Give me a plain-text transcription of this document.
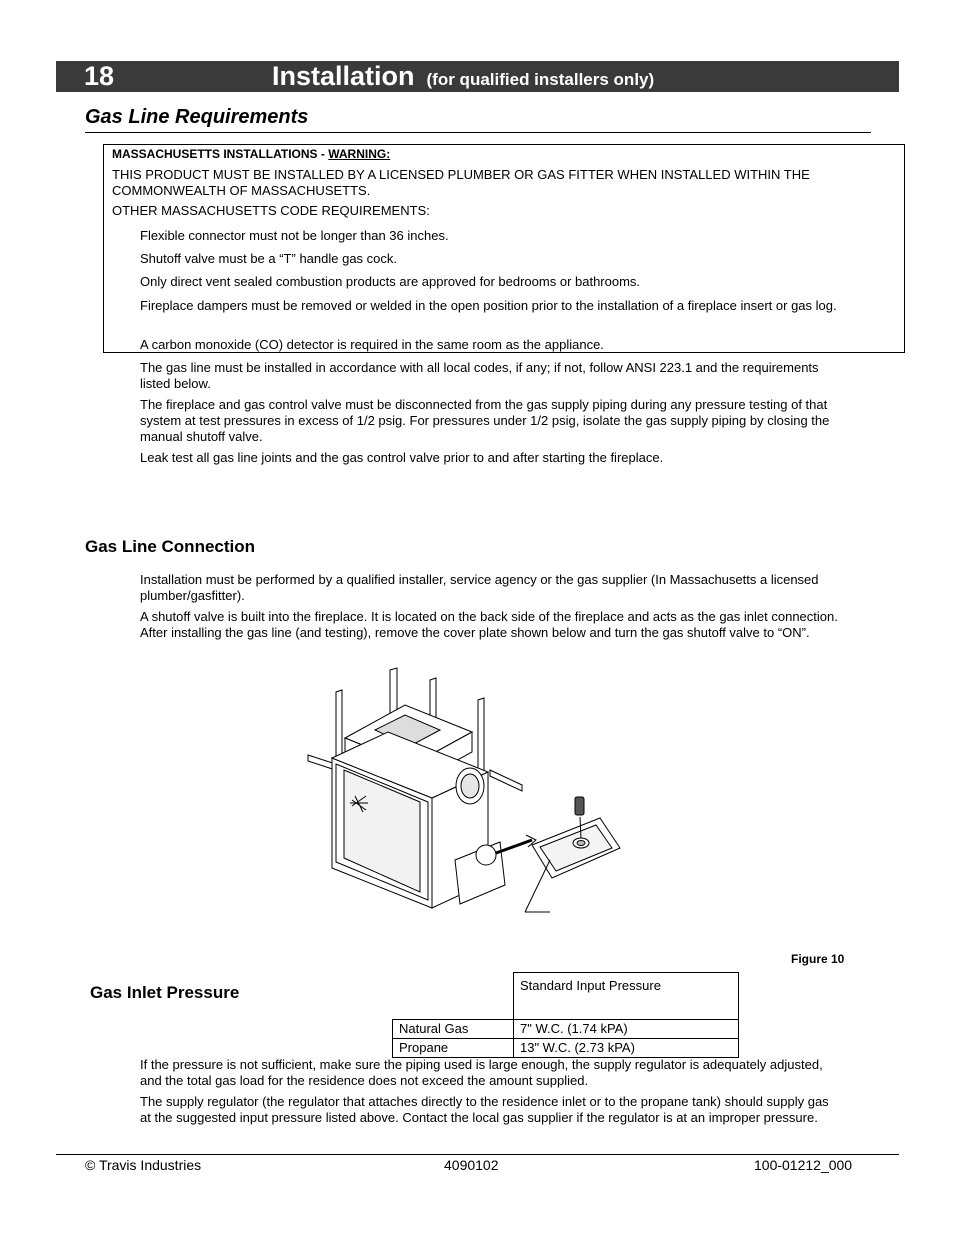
18	Installation (for qualified installers only)
Gas Line Requirements
MASSACHUSETTS INSTALLATIONS - WARNING:
THIS PRODUCT MUST BE INSTALLED BY A LICENSED PLUMBER OR GAS FITTER WHEN INSTALLED WITHIN THE COMMONWEALTH OF MASSACHUSETTS.
OTHER MASSACHUSETTS CODE REQUIREMENTS:
Flexible connector must not be longer than 36 inches.
Shutoff valve must be a “T” handle gas cock.
Only direct vent sealed combustion products are approved for bedrooms or bathrooms.
Fireplace dampers must be removed or welded in the open position prior to the installation of a fireplace insert or gas log.
A carbon monoxide (CO) detector is required in the same room as the appliance.
The gas line must be installed in accordance with all local codes, if any; if not, follow ANSI 223.1 and the requirements listed below.
The fireplace and gas control valve must be disconnected from the gas supply piping during any pressure testing of that system at test pressures in excess of 1/2 psig. For pressures under 1/2 psig, isolate the gas supply piping by closing the manual shutoff valve.
Leak test all gas line joints and the gas control valve prior to and after starting the fireplace.
Gas Line Connection
Installation must be performed by a qualified installer, service agency or the gas supplier (In Massachusetts a licensed plumber/gasfitter).
A shutoff valve is built into the fireplace. It is located on the back side of the fireplace and acts as the gas inlet connection. After installing the gas line (and testing), remove the cover plate shown below and turn the gas shutoff valve to “ON”.
Figure 10
Gas Inlet Pressure
		Standard Input Pressure
Natural Gas	7" W.C. (1.74 kPA)
Propane	13" W.C. (2.73 kPA)
If the pressure is not sufficient, make sure the piping used is large enough, the supply regulator is adequately adjusted, and the total gas load for the residence does not exceed the amount supplied.
The supply regulator (the regulator that attaches directly to the residence inlet or to the propane tank) should supply gas at the suggested input pressure listed above. Contact the local gas supplier if the regulator is at an improper pressure.
© Travis Industries	4090102	100-01212_000
